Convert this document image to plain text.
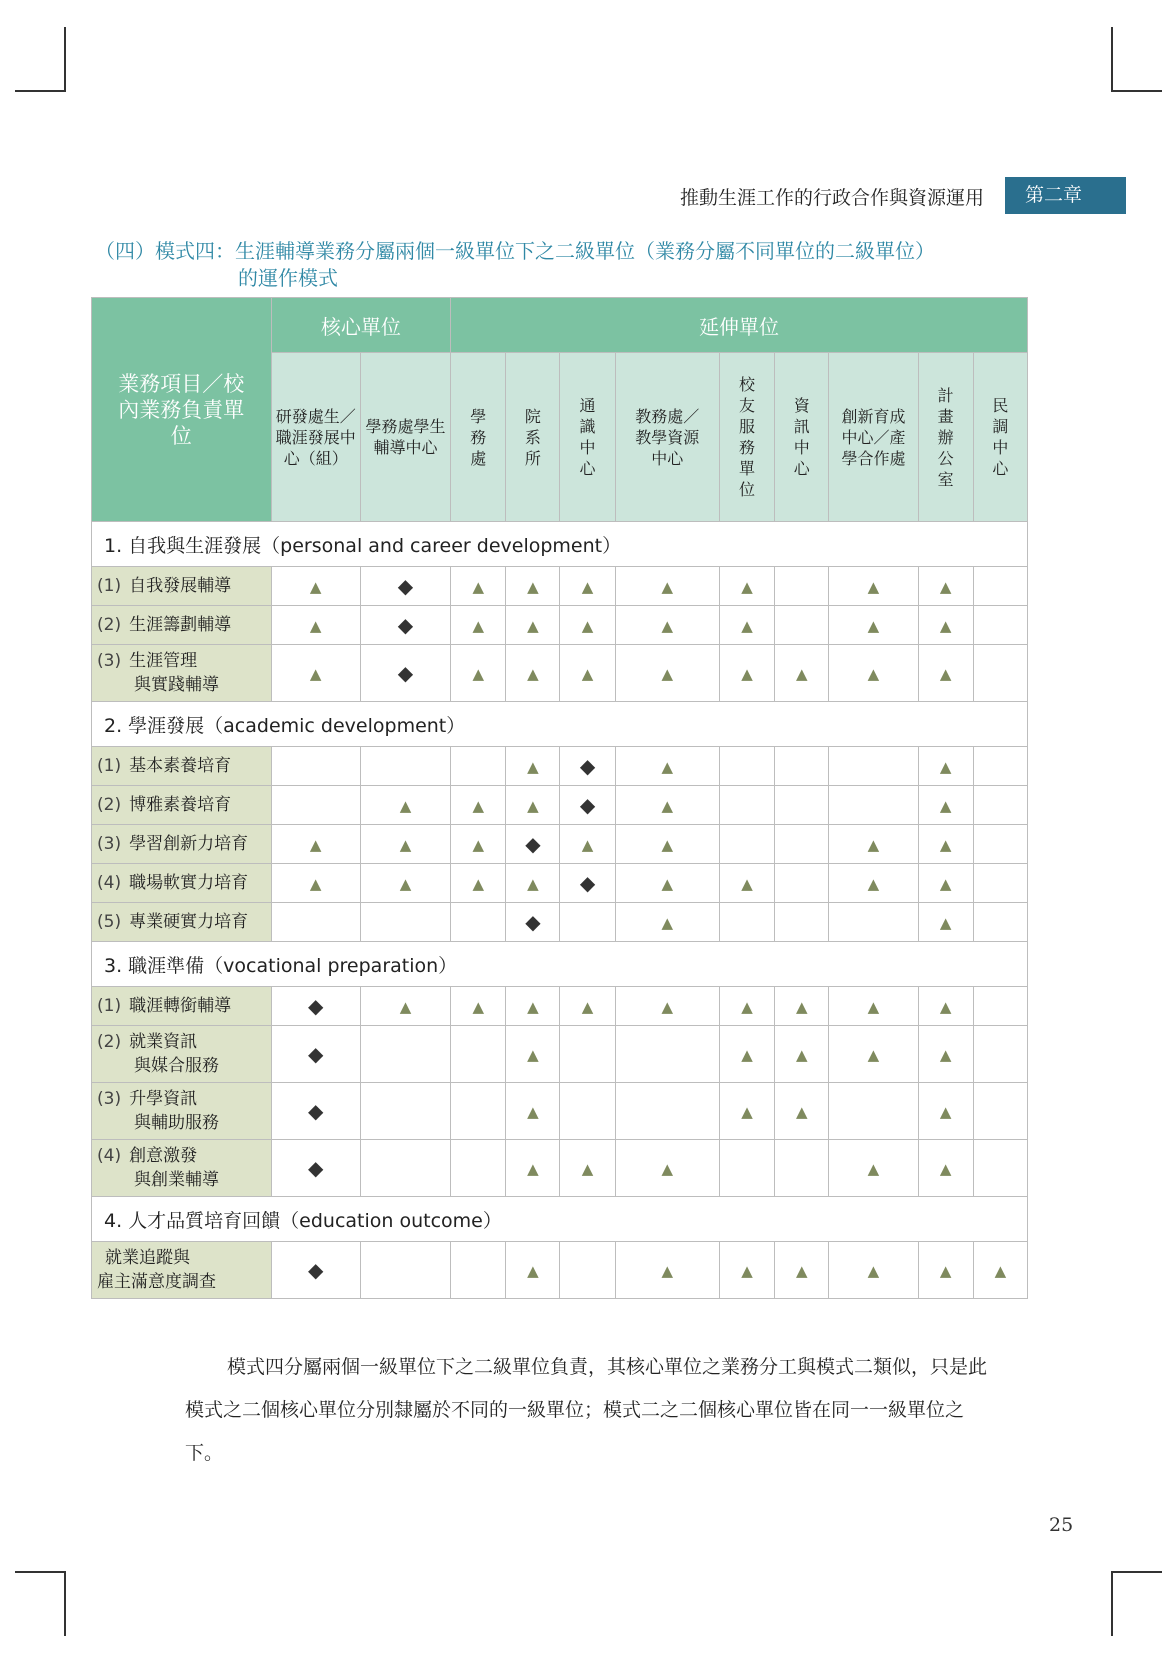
推動生涯工作的行政合作與資源運用	第二章
（四）模式四：生涯輔導業務分屬兩個一級單位下之二級單位（業務分屬不同單位的二級單位）
的運作模式
業務項目／校內業務負責單位	核心單位		延伸單位								
	研發處生／職涯發展中心（組）	學務處學生輔導中心	學務處	院系所	通識中心	教務處／教學資源中心	校友服務單位	資訊中心	創新育成中心／產學合作處	計畫辦公室	民調中心
1. 自我與生涯發展（personal and career development）											
(1) 自我發展輔導	▲	◆	▲	▲	▲	▲	▲		▲	▲	
(2) 生涯籌劃輔導	▲	◆	▲	▲	▲	▲	▲		▲	▲	
(3) 生涯管理
與實踐輔導	▲	◆	▲	▲	▲	▲	▲	▲	▲	▲	
2. 學涯發展（academic development）											
(1) 基本素養培育				▲	◆	▲				▲	
(2) 博雅素養培育		▲	▲	▲	◆	▲				▲	
(3) 學習創新力培育	▲	▲	▲	◆	▲	▲			▲	▲	
(4) 職場軟實力培育	▲	▲	▲	▲	◆	▲	▲		▲	▲	
(5) 專業硬實力培育				◆		▲				▲	
3. 職涯準備（vocational preparation）											
(1) 職涯轉銜輔導	◆	▲	▲	▲	▲	▲	▲	▲	▲	▲	
(2) 就業資訊
與媒合服務	◆			▲			▲	▲	▲	▲	
(3) 升學資訊
與輔助服務	◆			▲			▲	▲		▲	
(4) 創意激發
與創業輔導	◆			▲	▲	▲			▲	▲	
4. 人才品質培育回饋（education outcome）											
就業追蹤與
雇主滿意度調查	◆			▲		▲	▲	▲	▲	▲	▲
模式四分屬兩個一級單位下之二級單位負責，其核心單位之業務分工與模式二類似，只是此模式之二個核心單位分別隸屬於不同的一級單位；模式二之二個核心單位皆在同一一級單位之下。
25
